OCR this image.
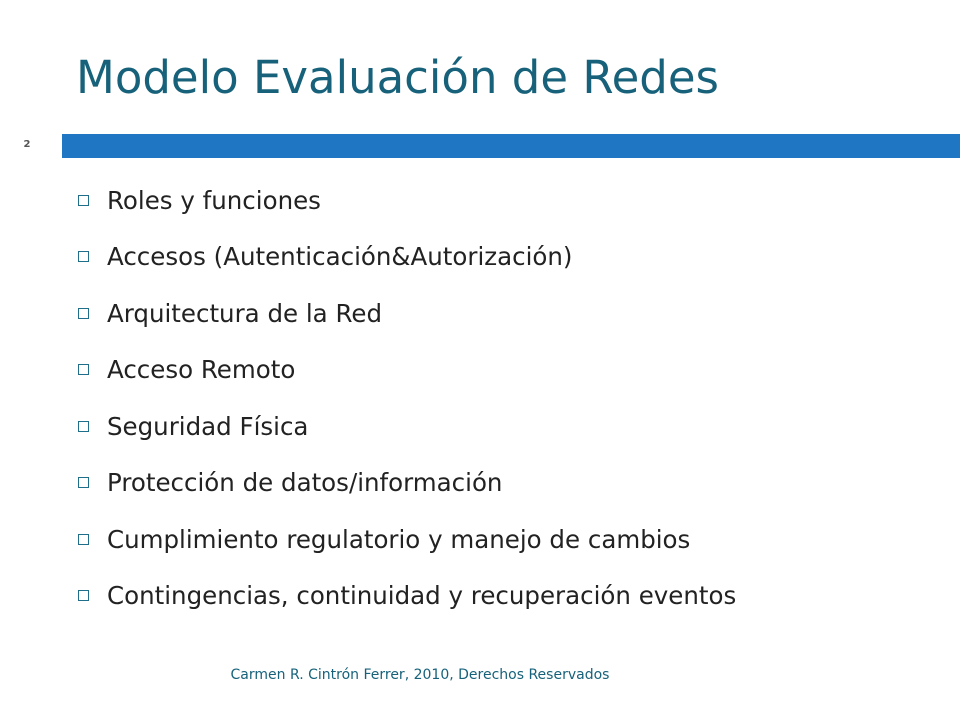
Modelo Evaluación de Redes
2
Roles y funciones
Accesos (Autenticación&Autorización)
Arquitectura de la Red
Acceso Remoto
Seguridad Física
Protección de datos/información
Cumplimiento regulatorio y manejo de cambios
Contingencias, continuidad y recuperación eventos
Carmen R. Cintrón Ferrer, 2010, Derechos Reservados
